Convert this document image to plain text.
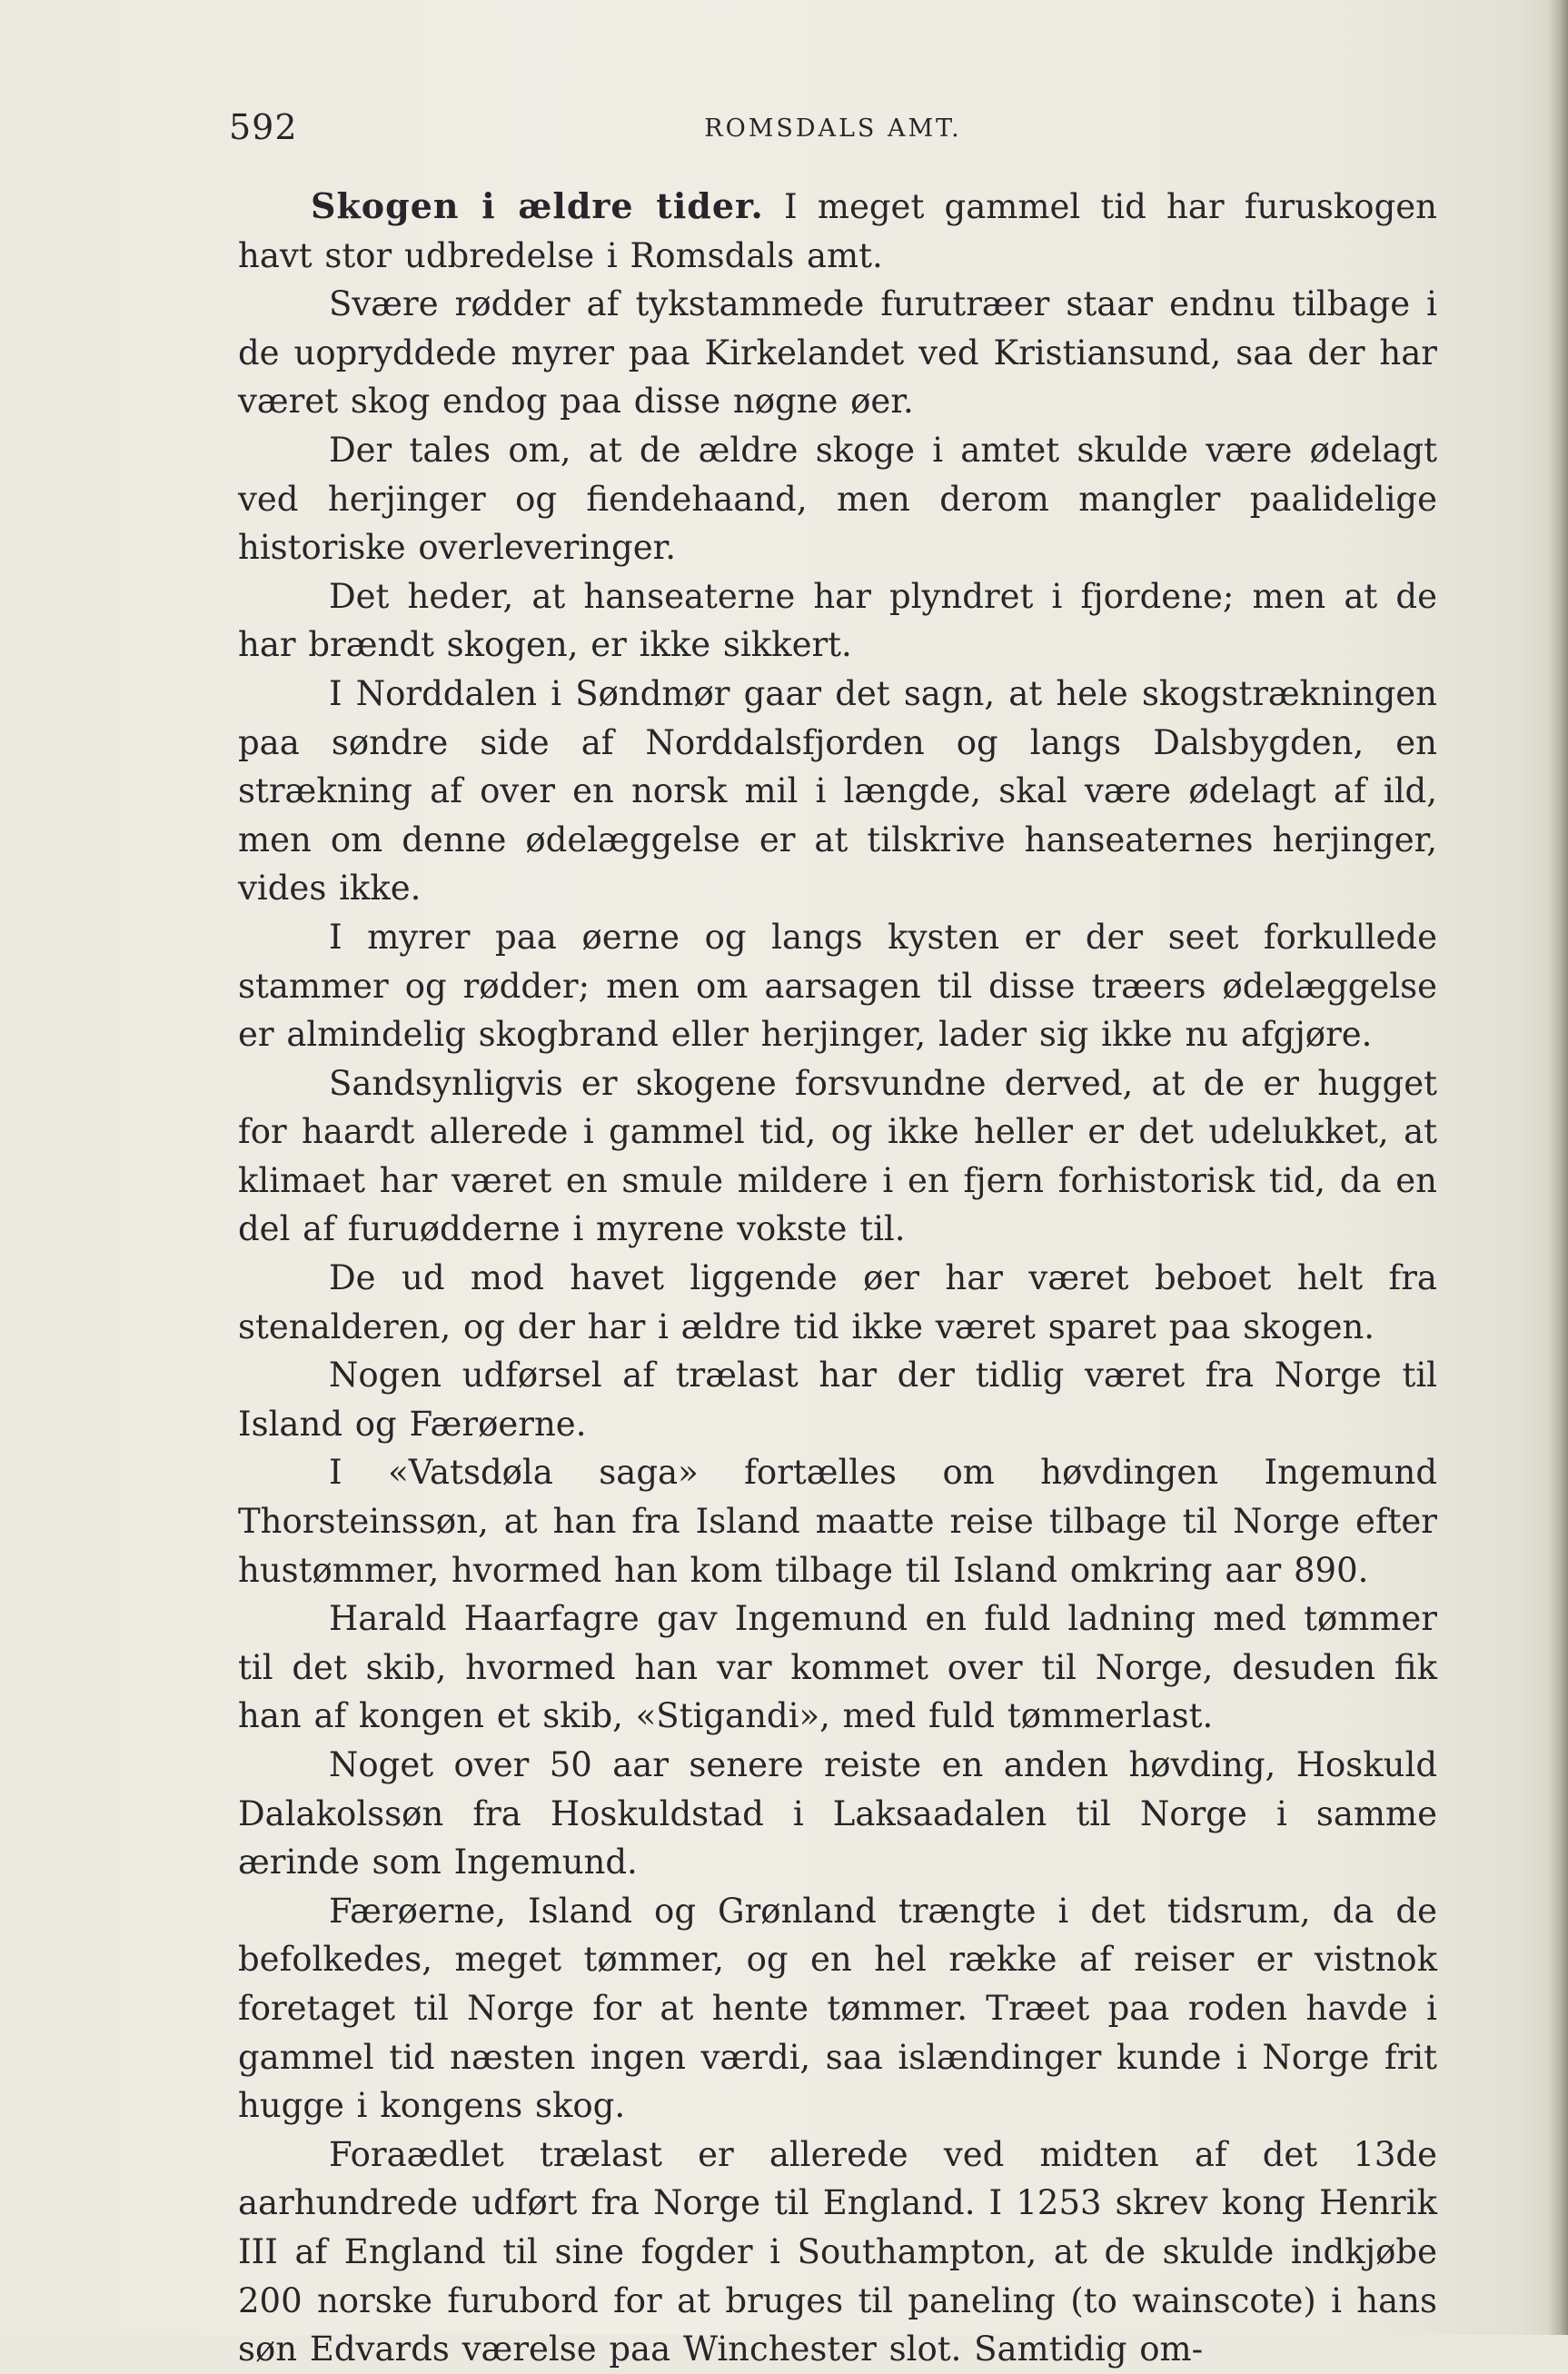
592	ROMSDALS AMT.

Skogen i ældre tider. I meget gammel tid har furuskogen havt stor udbredelse i Romsdals amt.

Svære rødder af tykstammede furutræer staar endnu tilbage i de uopryddede myrer paa Kirkelandet ved Kristiansund, saa der har været skog endog paa disse nøgne øer.

Der tales om, at de ældre skoge i amtet skulde være ødelagt ved herjinger og fiendehaand, men derom mangler paalidelige historiske overleveringer.

Det heder, at hanseaterne har plyndret i fjordene; men at de har brændt skogen, er ikke sikkert.

I Norddalen i Søndmør gaar det sagn, at hele skogstrækningen paa søndre side af Norddalsfjorden og langs Dalsbygden, en strækning af over en norsk mil i længde, skal være ødelagt af ild, men om denne ødelæggelse er at tilskrive hanseaternes herjinger, vides ikke.

I myrer paa øerne og langs kysten er der seet forkullede stammer og rødder; men om aarsagen til disse træers ødelæggelse er almindelig skogbrand eller herjinger, lader sig ikke nu afgjøre.

Sandsynligvis er skogene forsvundne derved, at de er hugget for haardt allerede i gammel tid, og ikke heller er det udelukket, at klimaet har været en smule mildere i en fjern forhistorisk tid, da en del af furuødderne i myrene vokste til.

De ud mod havet liggende øer har været beboet helt fra stenalderen, og der har i ældre tid ikke været sparet paa skogen.

Nogen udførsel af trælast har der tidlig været fra Norge til Island og Færøerne.

I «Vatsdøla saga» fortælles om høvdingen Ingemund Thorsteinssøn, at han fra Island maatte reise tilbage til Norge efter hustømmer, hvormed han kom tilbage til Island omkring aar 890.

Harald Haarfagre gav Ingemund en fuld ladning med tømmer til det skib, hvormed han var kommet over til Norge, desuden fik han af kongen et skib, «Stigandi», med fuld tømmerlast.

Noget over 50 aar senere reiste en anden høvding, Hoskuld Dalakolssøn fra Hoskuldstad i Laksaadalen til Norge i samme ærinde som Ingemund.

Færøerne, Island og Grønland trængte i det tidsrum, da de befolkedes, meget tømmer, og en hel række af reiser er vistnok foretaget til Norge for at hente tømmer. Træet paa roden havde i gammel tid næsten ingen værdi, saa islændinger kunde i Norge frit hugge i kongens skog.

Foraædlet trælast er allerede ved midten af det 13de aarhundrede udført fra Norge til England. I 1253 skrev kong Henrik III af England til sine fogder i Southampton, at de skulde indkjøbe 200 norske furubord for at bruges til paneling (to wainscote) i hans søn Edvards værelse paa Winchester slot. Samtidig om-
